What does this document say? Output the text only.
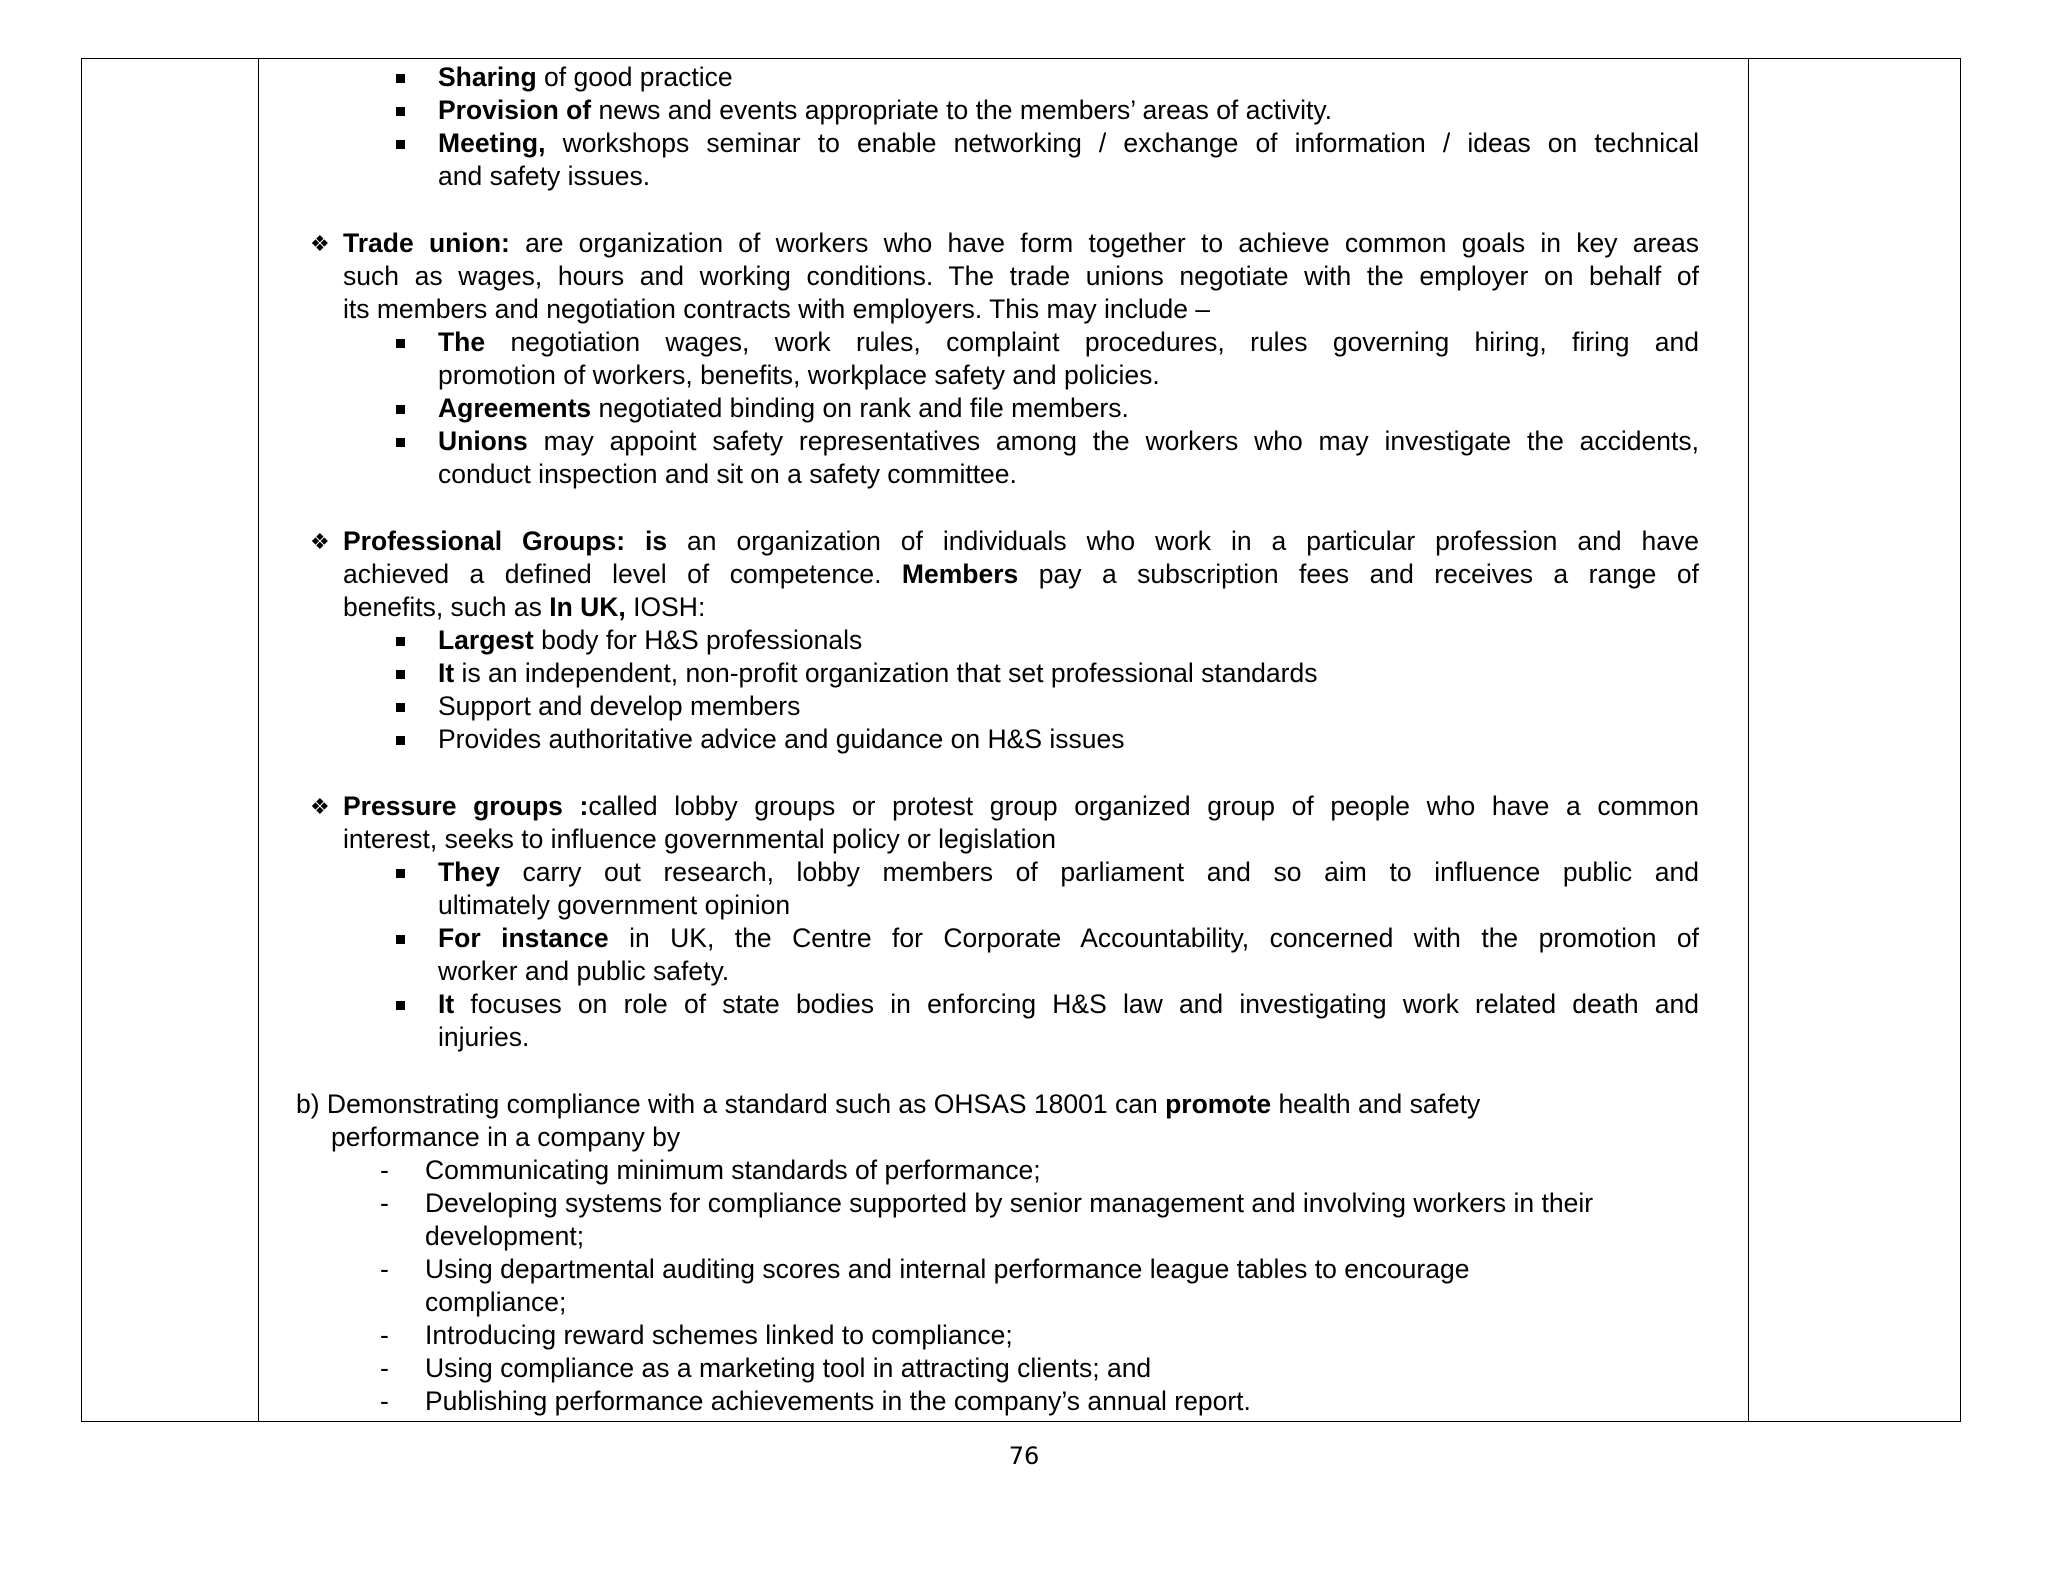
Sharing of good practice
Provision of news and events appropriate to the members’ areas of activity.
Meeting, workshops seminar to enable networking / exchange of information / ideas on technical
and safety issues.
❖ Trade union: are organization of workers who have form together to achieve common goals in key areas
such as wages, hours and working conditions. The trade unions negotiate with the employer on behalf of
its members and negotiation contracts with employers. This may include –
The negotiation wages, work rules, complaint procedures, rules governing hiring, firing and
promotion of workers, benefits, workplace safety and policies.
Agreements negotiated binding on rank and file members.
Unions may appoint safety representatives among the workers who may investigate the accidents,
conduct inspection and sit on a safety committee.
❖ Professional Groups: is an organization of individuals who work in a particular profession and have
achieved a defined level of competence. Members pay a subscription fees and receives a range of
benefits, such as In UK, IOSH:
Largest body for H&S professionals
It is an independent, non-profit organization that set professional standards
Support and develop members
Provides authoritative advice and guidance on H&S issues
❖ Pressure groups :called lobby groups or protest group organized group of people who have a common
interest, seeks to influence governmental policy or legislation
They carry out research, lobby members of parliament and so aim to influence public and
ultimately government opinion
For instance in UK, the Centre for Corporate Accountability, concerned with the promotion of
worker and public safety.
It focuses on role of state bodies in enforcing H&S law and investigating work related death and
injuries.
b) Demonstrating compliance with a standard such as OHSAS 18001 can promote health and safety
performance in a company by
- Communicating minimum standards of performance;
- Developing systems for compliance supported by senior management and involving workers in their
development;
- Using departmental auditing scores and internal performance league tables to encourage
compliance;
- Introducing reward schemes linked to compliance;
- Using compliance as a marketing tool in attracting clients; and
- Publishing performance achievements in the company’s annual report.
76
